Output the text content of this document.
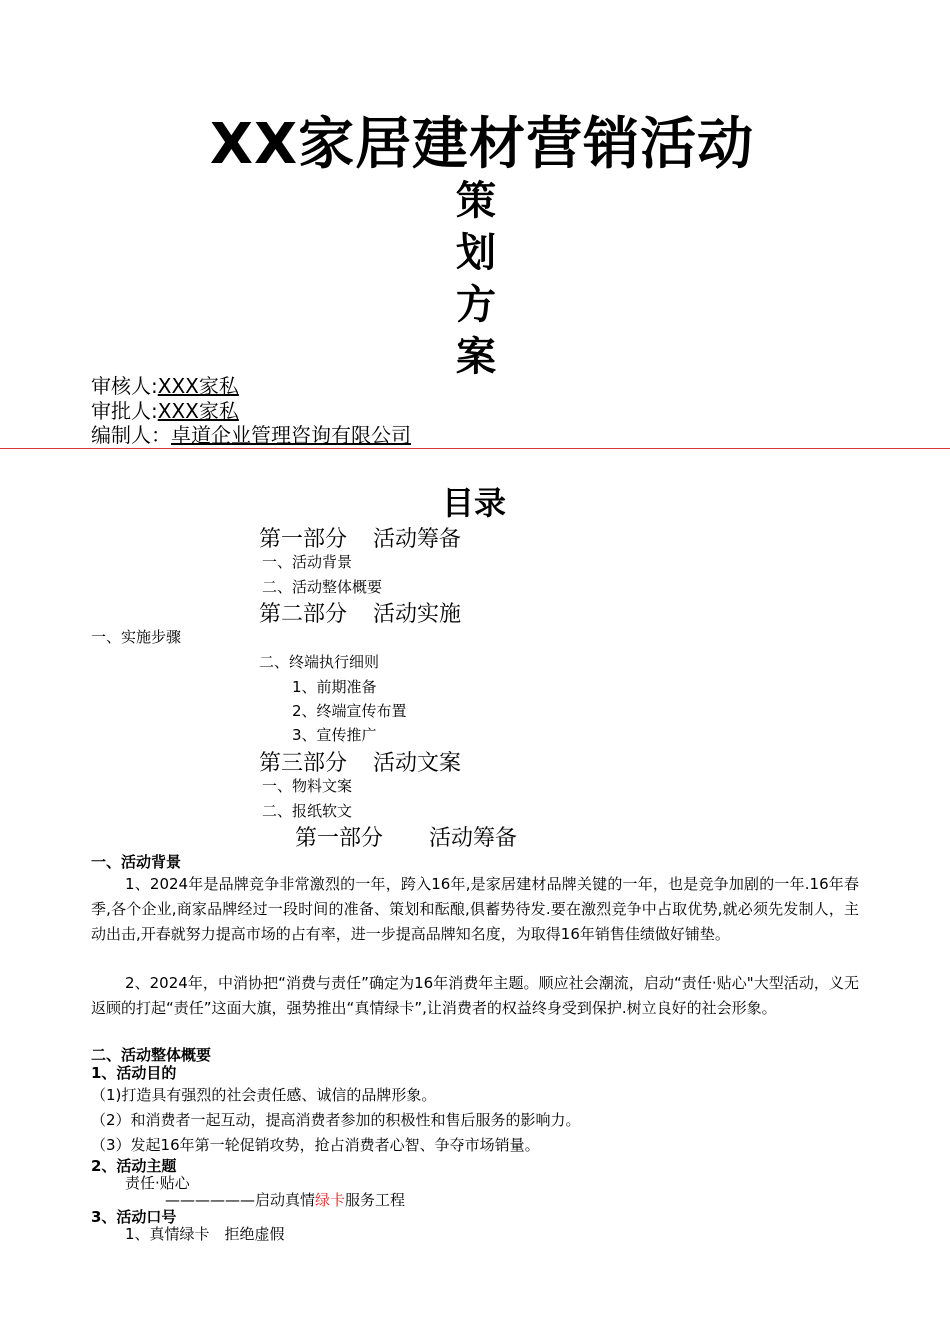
XX家居建材营销活动
策
划
方
案
审核人:XXX家私
审批人:XXX家私
编制人：卓道企业管理咨询有限公司
目录
第一部分 活动筹备
一、活动背景
二、活动整体概要
第二部分 活动实施
一、实施步骤
二、终端执行细则
1、前期准备
2、终端宣传布置
3、宣传推广
第三部分 活动文案
一、物料文案
二、报纸软文
第一部分 活动筹备
一、活动背景
1、2024年是品牌竞争非常激烈的一年，跨入16年,是家居建材品牌关键的一年，也是竞争加剧的一年.16年春季,各个企业,商家品牌经过一段时间的准备、策划和酝酿,俱蓄势待发.要在激烈竞争中占取优势,就必须先发制人，主动出击,开春就努力提高市场的占有率，进一步提高品牌知名度，为取得16年销售佳绩做好铺垫。
2、2024年，中消协把“消费与责任”确定为16年消费年主题。顺应社会潮流，启动“责任·贴心"大型活动，义无返顾的打起“责任”这面大旗，强势推出“真情绿卡”,让消费者的权益终身受到保护.树立良好的社会形象。
二、活动整体概要
1、活动目的
（1)打造具有强烈的社会责任感、诚信的品牌形象。
（2）和消费者一起互动，提高消费者参加的积极性和售后服务的影响力。
（3）发起16年第一轮促销攻势，抢占消费者心智、争夺市场销量。
2、活动主题
责任·贴心
——————启动真情绿卡服务工程
3、活动口号
1、真情绿卡　拒绝虚假
